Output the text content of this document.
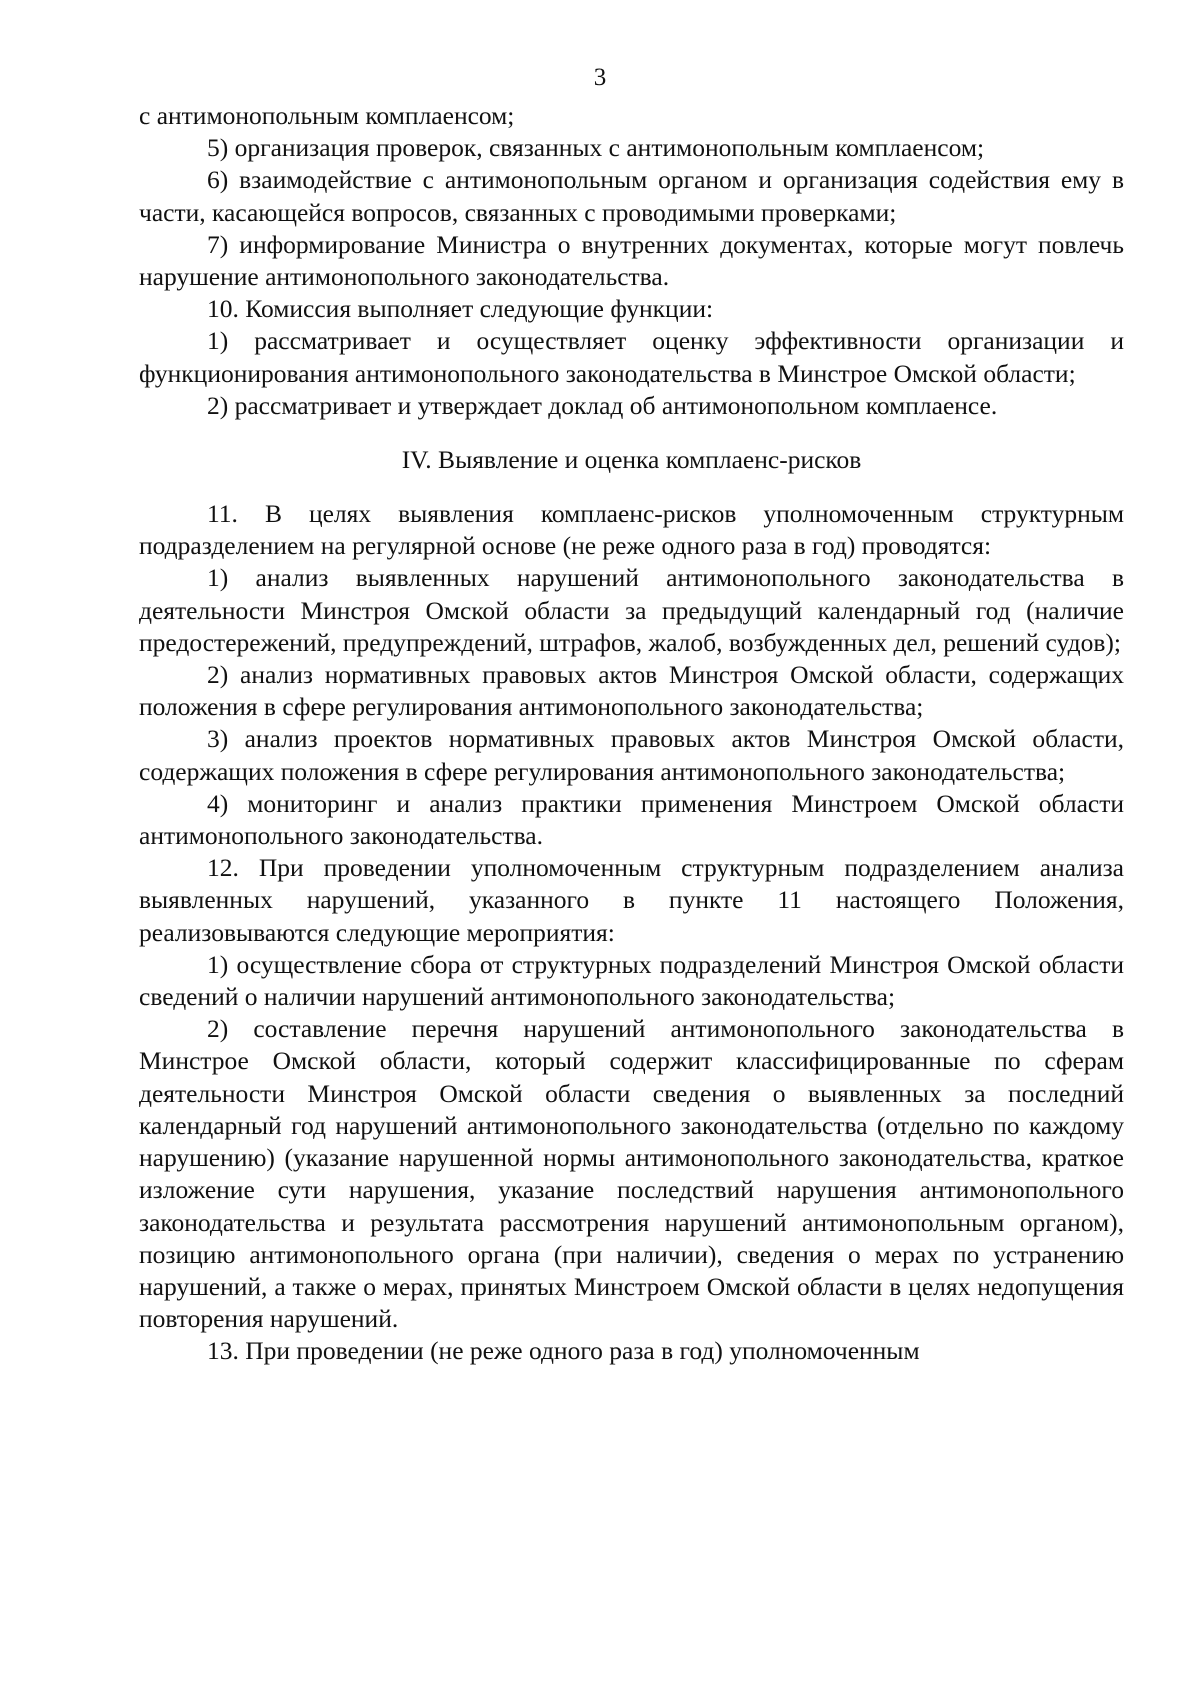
3

с антимонопольным комплаенсом;

5) организация проверок, связанных с антимонопольным комплаенсом;

6) взаимодействие с антимонопольным органом и организация содействия ему в части, касающейся вопросов, связанных с проводимыми проверками;

7) информирование Министра о внутренних документах, которые могут повлечь нарушение антимонопольного законодательства.

10. Комиссия выполняет следующие функции:

1) рассматривает и осуществляет оценку эффективности организации и функционирования антимонопольного законодательства в Минстрое Омской области;

2) рассматривает и утверждает доклад об антимонопольном комплаенсе.

IV. Выявление и оценка комплаенс-рисков

11. В целях выявления комплаенс-рисков уполномоченным структурным подразделением на регулярной основе (не реже одного раза в год) проводятся:

1) анализ выявленных нарушений антимонопольного законодательства в деятельности Минстроя Омской области за предыдущий календарный год (наличие предостережений, предупреждений, штрафов, жалоб, возбужденных дел, решений судов);

2) анализ нормативных правовых актов Минстроя Омской области, содержащих положения в сфере регулирования антимонопольного законодательства;

3) анализ проектов нормативных правовых актов Минстроя Омской области, содержащих положения в сфере регулирования антимонопольного законодательства;

4) мониторинг и анализ практики применения Минстроем Омской области антимонопольного законодательства.

12. При проведении уполномоченным структурным подразделением анализа выявленных нарушений, указанного в пункте 11 настоящего Положения, реализовываются следующие мероприятия:

1) осуществление сбора от структурных подразделений Минстроя Омской области сведений о наличии нарушений антимонопольного законодательства;

2) составление перечня нарушений антимонопольного законодательства в Минстрое Омской области, который содержит классифицированные по сферам деятельности Минстроя Омской области сведения о выявленных за последний календарный год нарушений антимонопольного законодательства (отдельно по каждому нарушению) (указание нарушенной нормы антимонопольного законодательства, краткое изложение сути нарушения, указание последствий нарушения антимонопольного законодательства и результата рассмотрения нарушений антимонопольным органом), позицию антимонопольного органа (при наличии), сведения о мерах по устранению нарушений, а также о мерах, принятых Минстроем Омской области в целях недопущения повторения нарушений.

13. При проведении (не реже одного раза в год) уполномоченным
